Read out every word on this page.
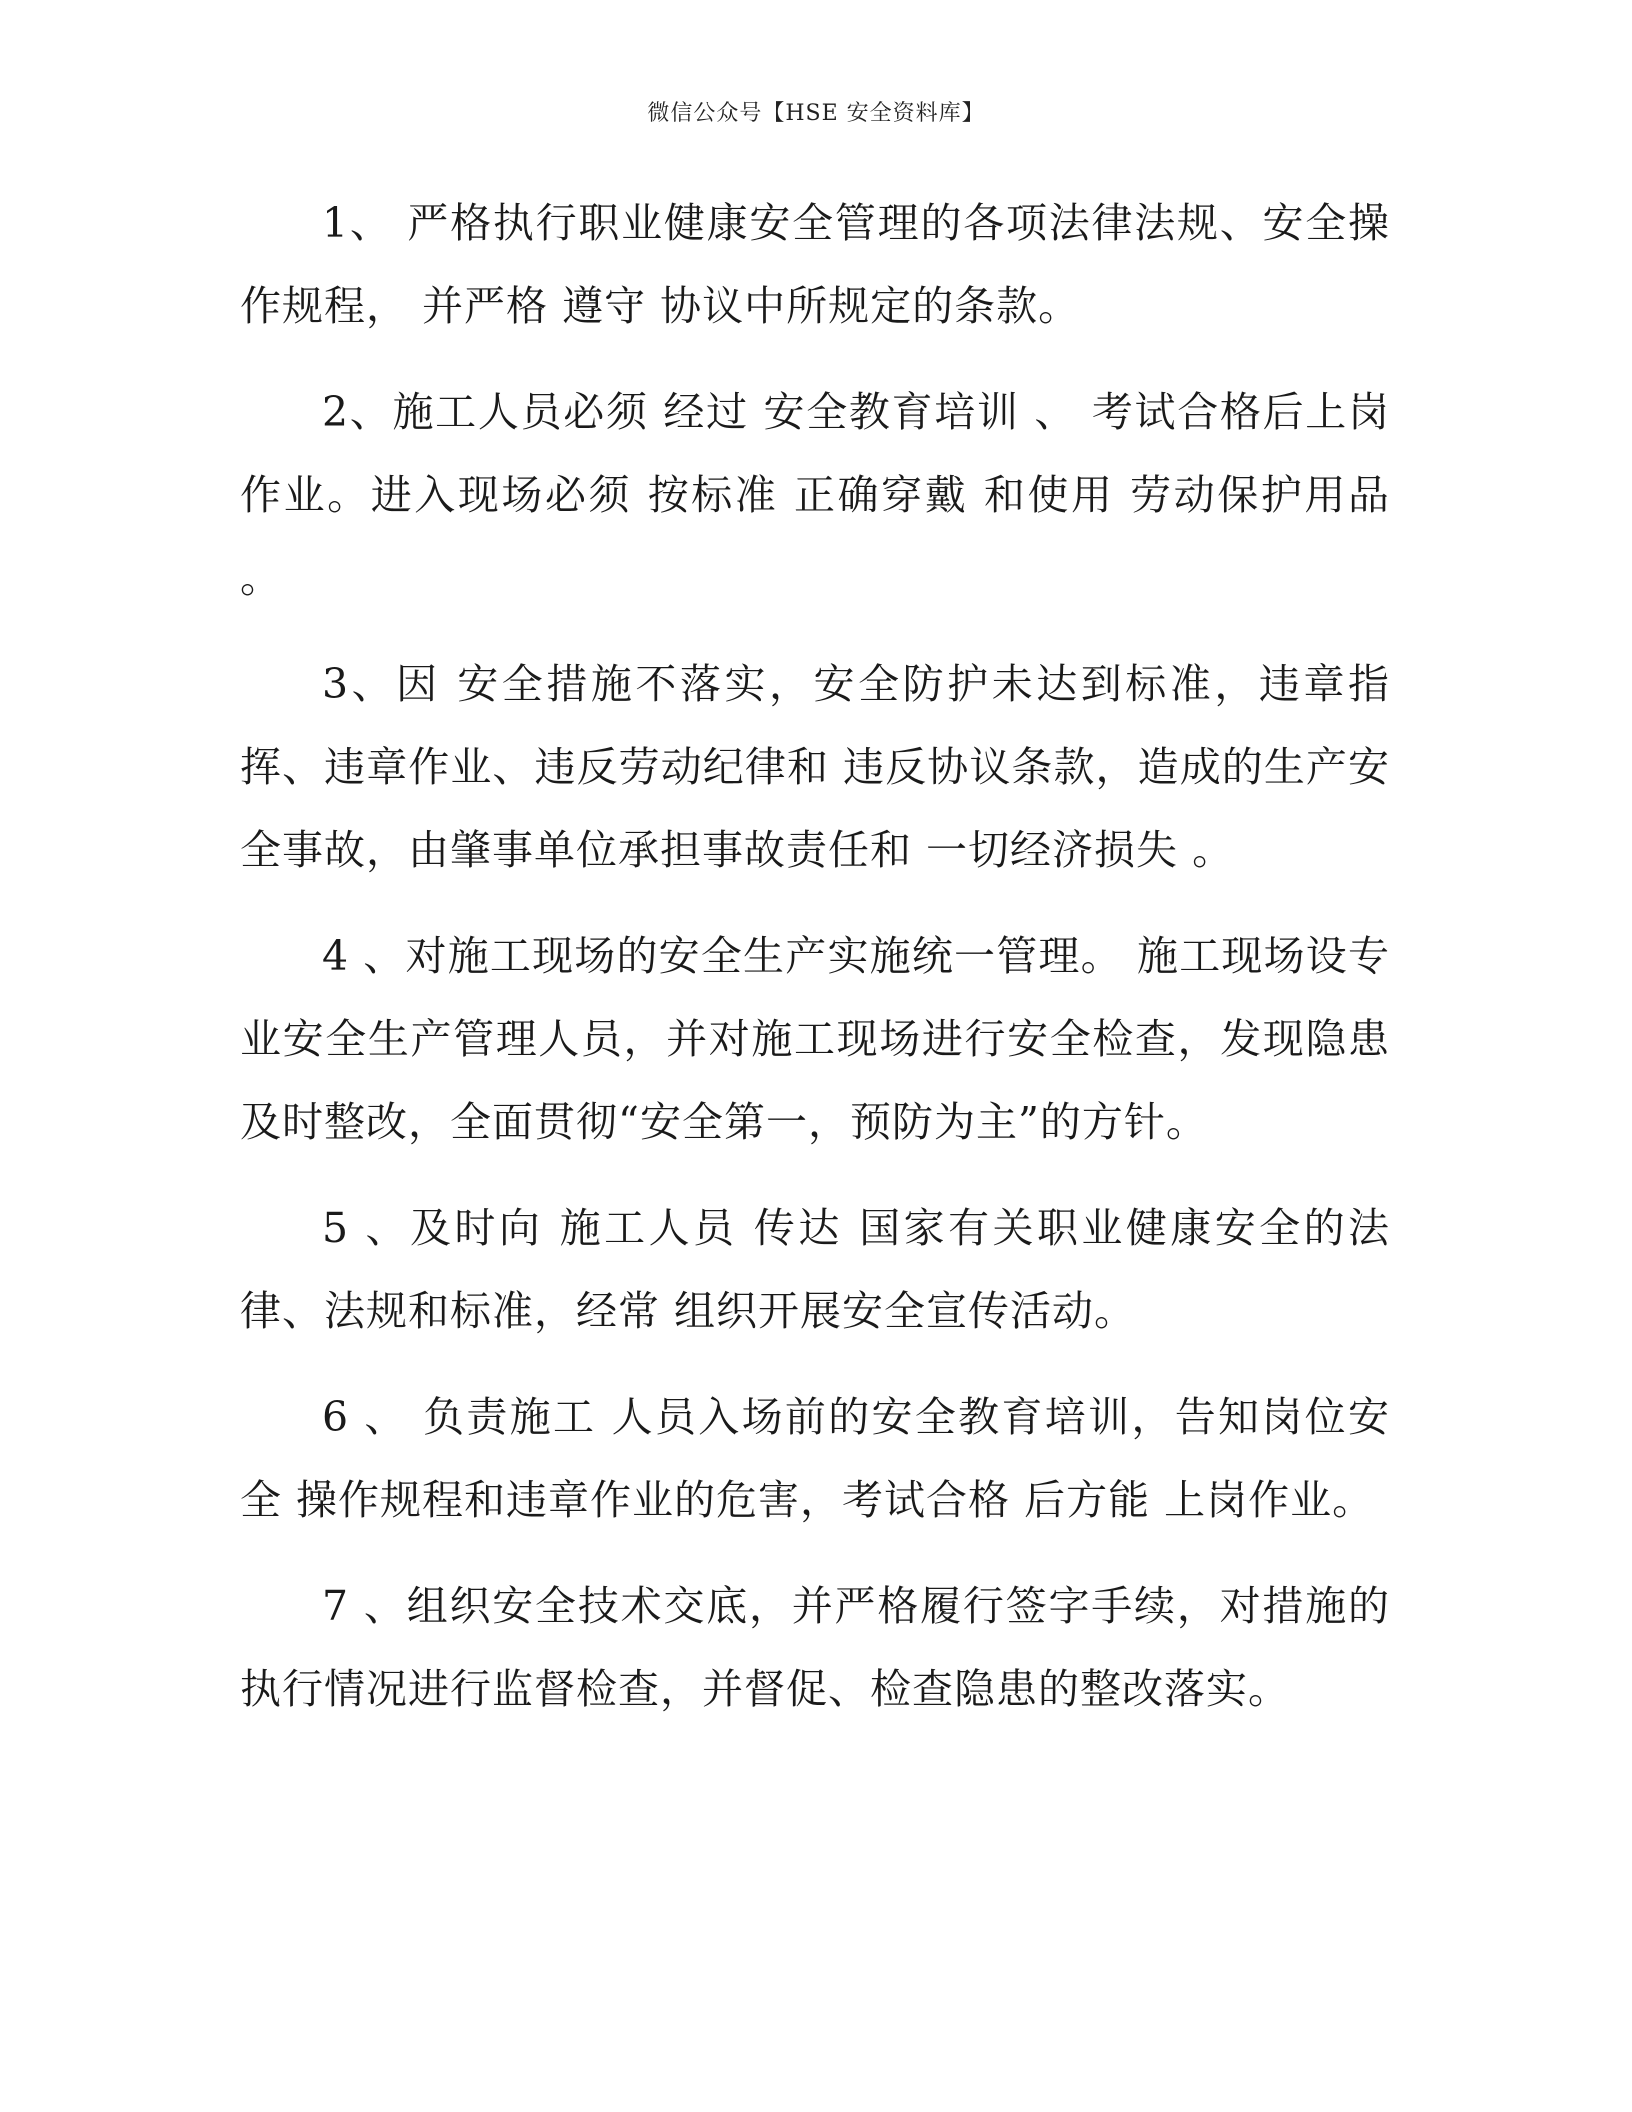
微信公众号【HSE 安全资料库】

1、 严格执行职业健康安全管理的各项法律法规、安全操作规程， 并严格 遵守 协议中所规定的条款。

2、施工人员必须 经过 安全教育培训 、 考试合格后上岗作业。进入现场必须 按标准 正确穿戴 和使用 劳动保护用品 。

3、因 安全措施不落实，安全防护未达到标准，违章指挥、违章作业、违反劳动纪律和 违反协议条款，造成的生产安全事故，由肇事单位承担事故责任和 一切经济损失 。

4 、对施工现场的安全生产实施统一管理。 施工现场设专业安全生产管理人员，并对施工现场进行安全检查，发现隐患及时整改，全面贯彻“安全第一，预防为主”的方针。

5 、及时向 施工人员 传达 国家有关职业健康安全的法律、法规和标准，经常 组织开展安全宣传活动。

6 、 负责施工 人员入场前的安全教育培训，告知岗位安全 操作规程和违章作业的危害，考试合格 后方能 上岗作业。

7 、组织安全技术交底，并严格履行签字手续，对措施的执行情况进行监督检查，并督促、检查隐患的整改落实。
